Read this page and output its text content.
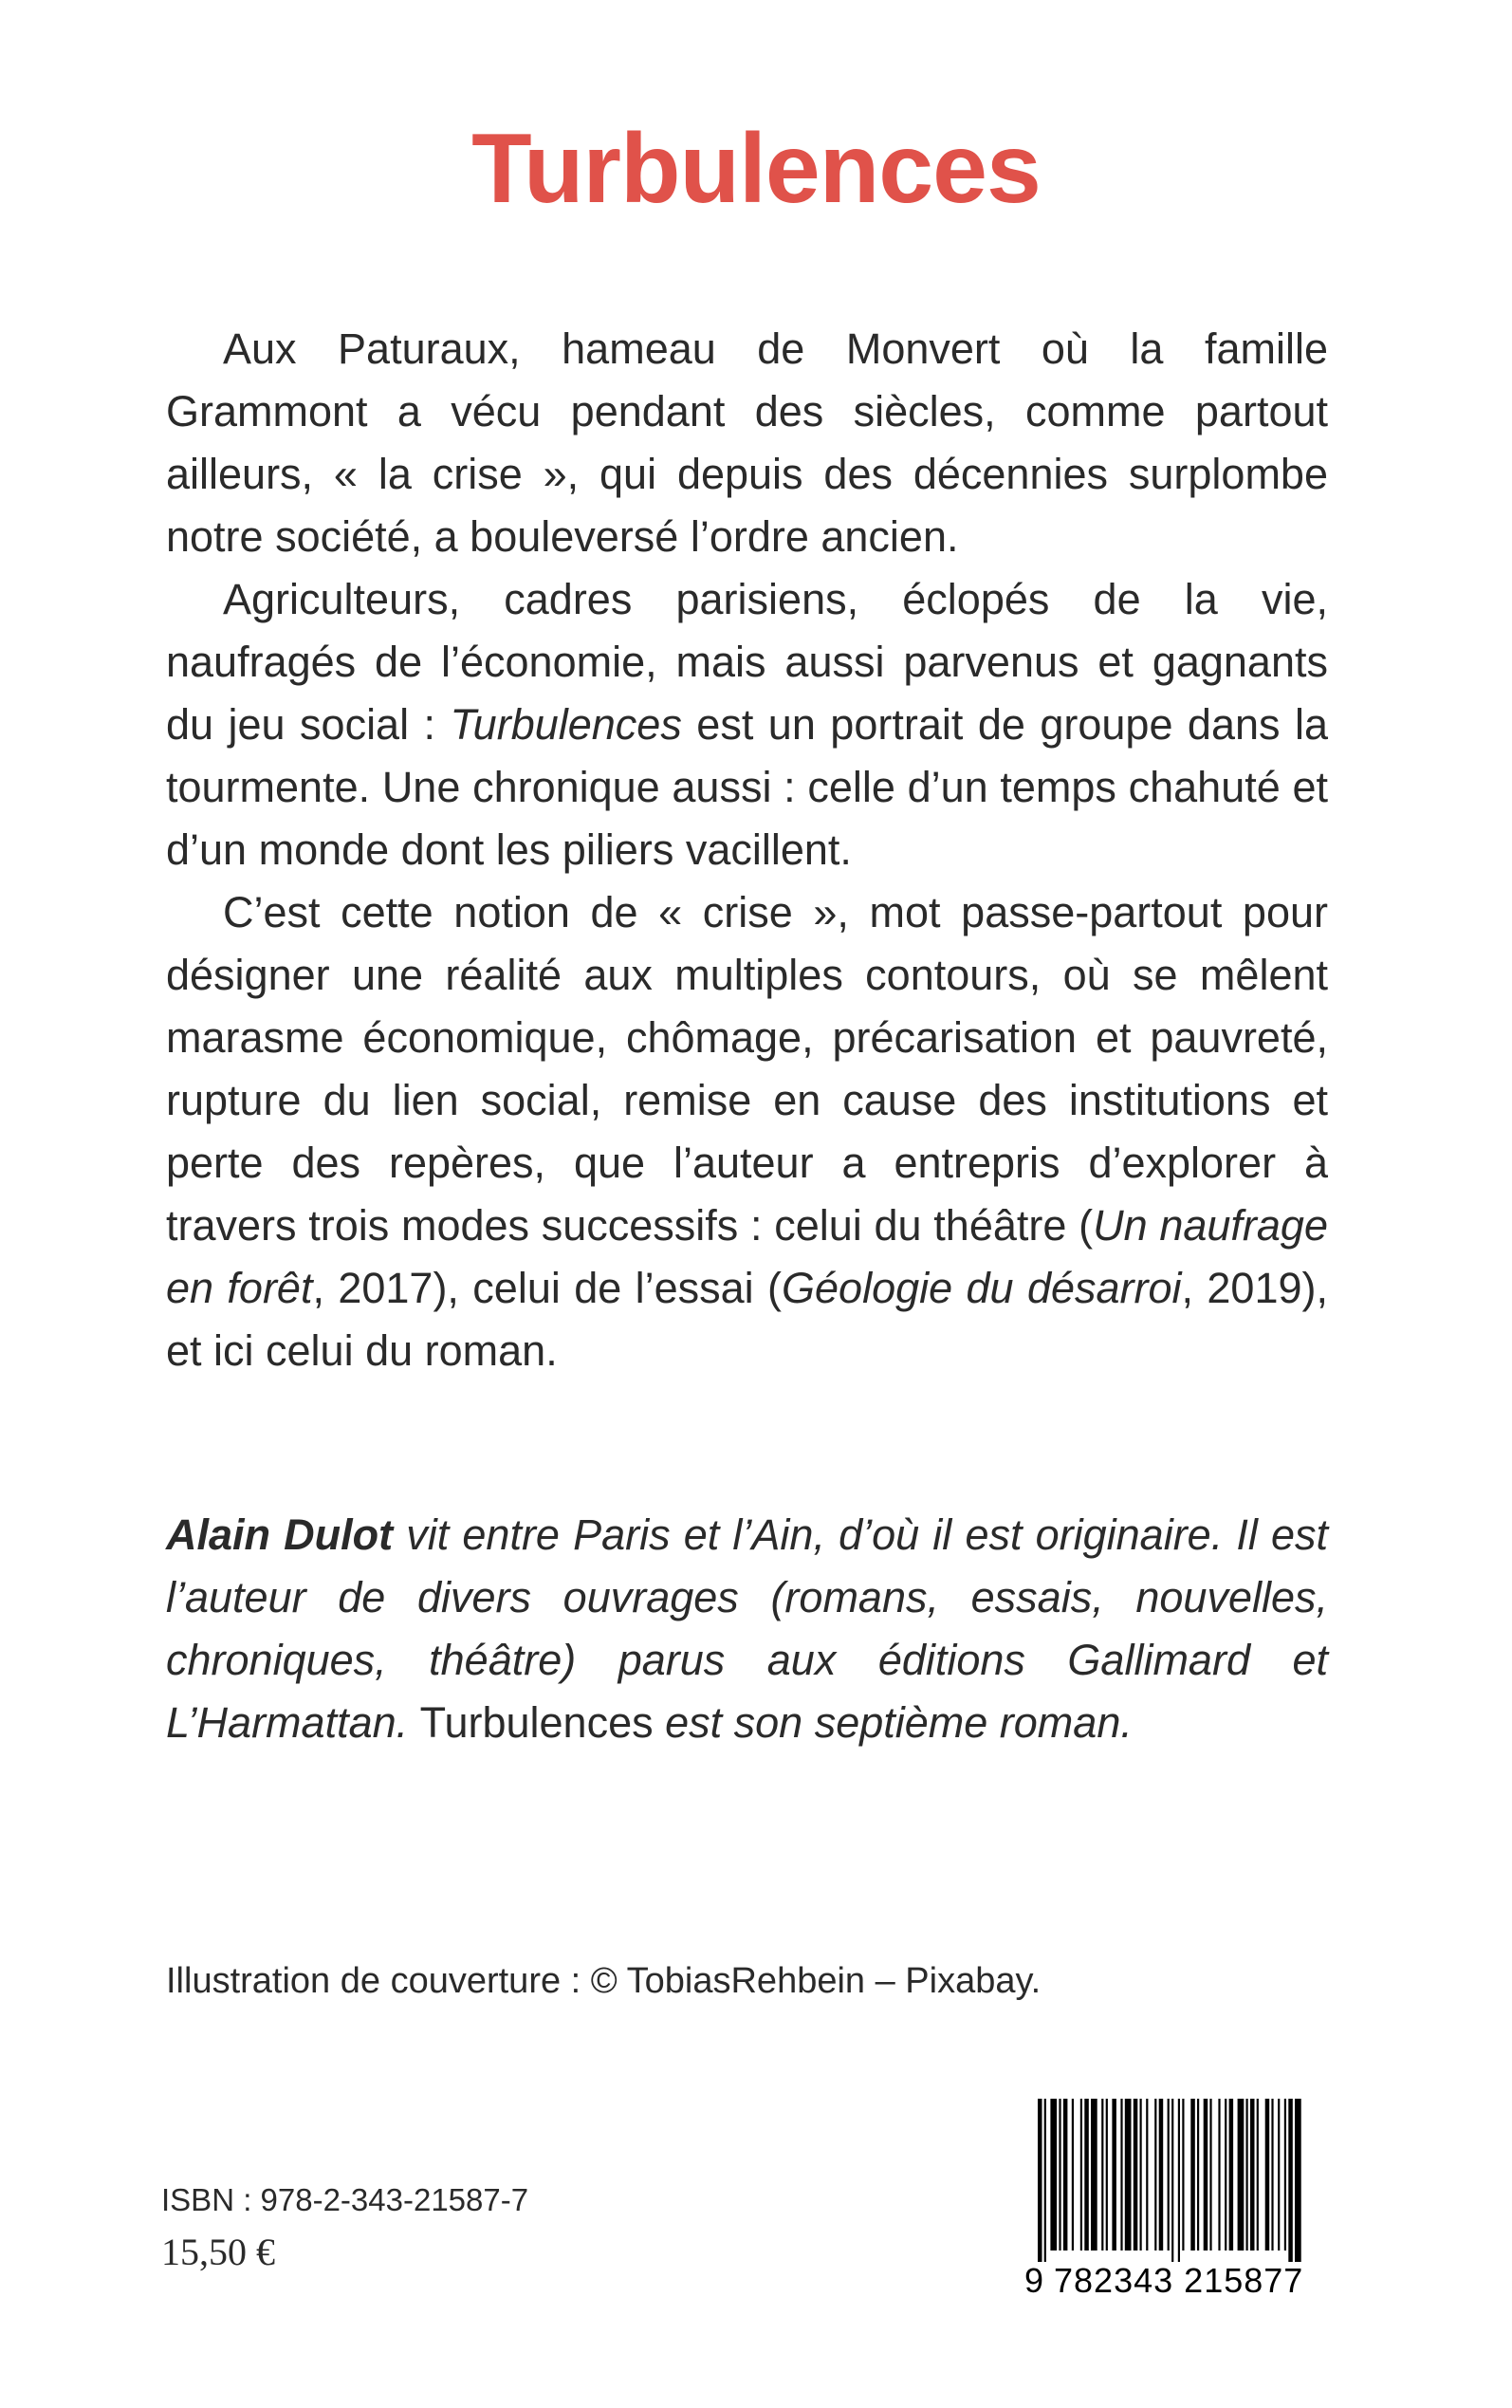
Turbulences

Aux Paturaux, hameau de Monvert où la famille Grammont a vécu pendant des siècles, comme partout ailleurs, « la crise », qui depuis des décennies surplombe notre société, a bouleversé l’ordre ancien.

Agriculteurs, cadres parisiens, éclopés de la vie, naufragés de l’économie, mais aussi parvenus et gagnants du jeu social : Turbulences est un portrait de groupe dans la tourmente. Une chronique aussi : celle d’un temps chahuté et d’un monde dont les piliers vacillent.

C’est cette notion de « crise », mot passe-partout pour désigner une réalité aux multiples contours, où se mêlent marasme économique, chômage, précarisation et pauvreté, rupture du lien social, remise en cause des institutions et perte des repères, que l’auteur a entrepris d’explorer à travers trois modes successifs : celui du théâtre (Un naufrage en forêt, 2017), celui de l’essai (Géologie du désarroi, 2019), et ici celui du roman.

Alain Dulot vit entre Paris et l’Ain, d’où il est originaire. Il est l’auteur de divers ouvrages (romans, essais, nouvelles, chroniques, théâtre) parus aux éditions Gallimard et L’Harmattan. Turbulences est son septième roman.

Illustration de couverture : © TobiasRehbein – Pixabay.

ISBN : 978-2-343-21587-7

15,50 €

9 782343 215877
